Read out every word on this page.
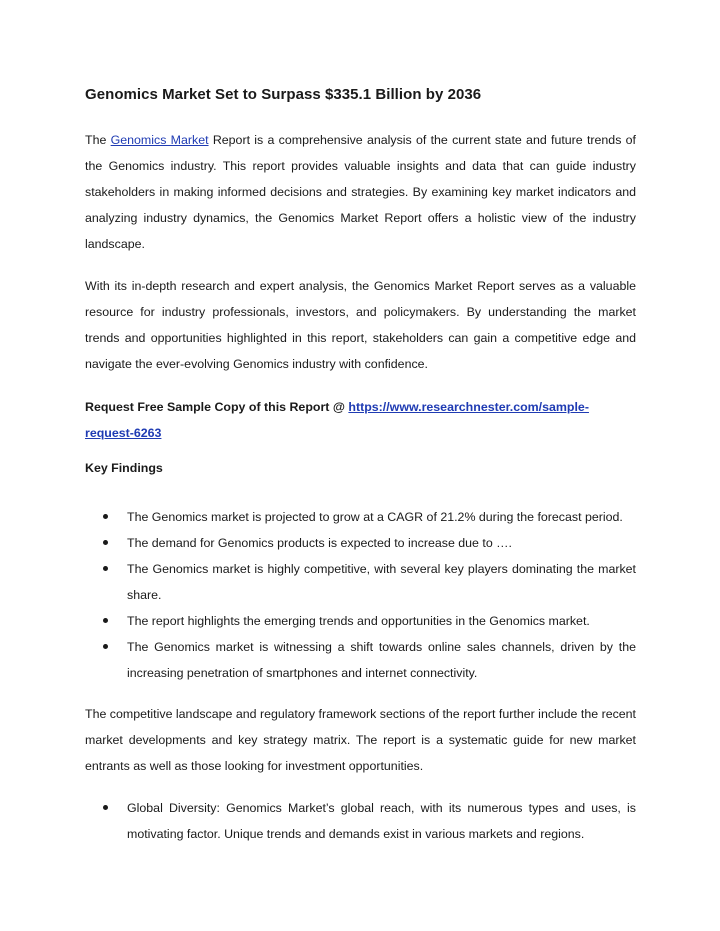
Genomics Market Set to Surpass $335.1 Billion by 2036

The Genomics Market Report is a comprehensive analysis of the current state and future trends of the Genomics industry. This report provides valuable insights and data that can guide industry stakeholders in making informed decisions and strategies. By examining key market indicators and analyzing industry dynamics, the Genomics Market Report offers a holistic view of the industry landscape.

With its in-depth research and expert analysis, the Genomics Market Report serves as a valuable resource for industry professionals, investors, and policymakers. By understanding the market trends and opportunities highlighted in this report, stakeholders can gain a competitive edge and navigate the ever-evolving Genomics industry with confidence.

Request Free Sample Copy of this Report @ https://www.researchnester.com/sample-request-6263

Key Findings
The Genomics market is projected to grow at a CAGR of 21.2% during the forecast period.
The demand for Genomics products is expected to increase due to ….
The Genomics market is highly competitive, with several key players dominating the market share.
The report highlights the emerging trends and opportunities in the Genomics market.
The Genomics market is witnessing a shift towards online sales channels, driven by the increasing penetration of smartphones and internet connectivity.

The competitive landscape and regulatory framework sections of the report further include the recent market developments and key strategy matrix. The report is a systematic guide for new market entrants as well as those looking for investment opportunities.

Global Diversity: Genomics Market’s global reach, with its numerous types and uses, is motivating factor. Unique trends and demands exist in various markets and regions.
